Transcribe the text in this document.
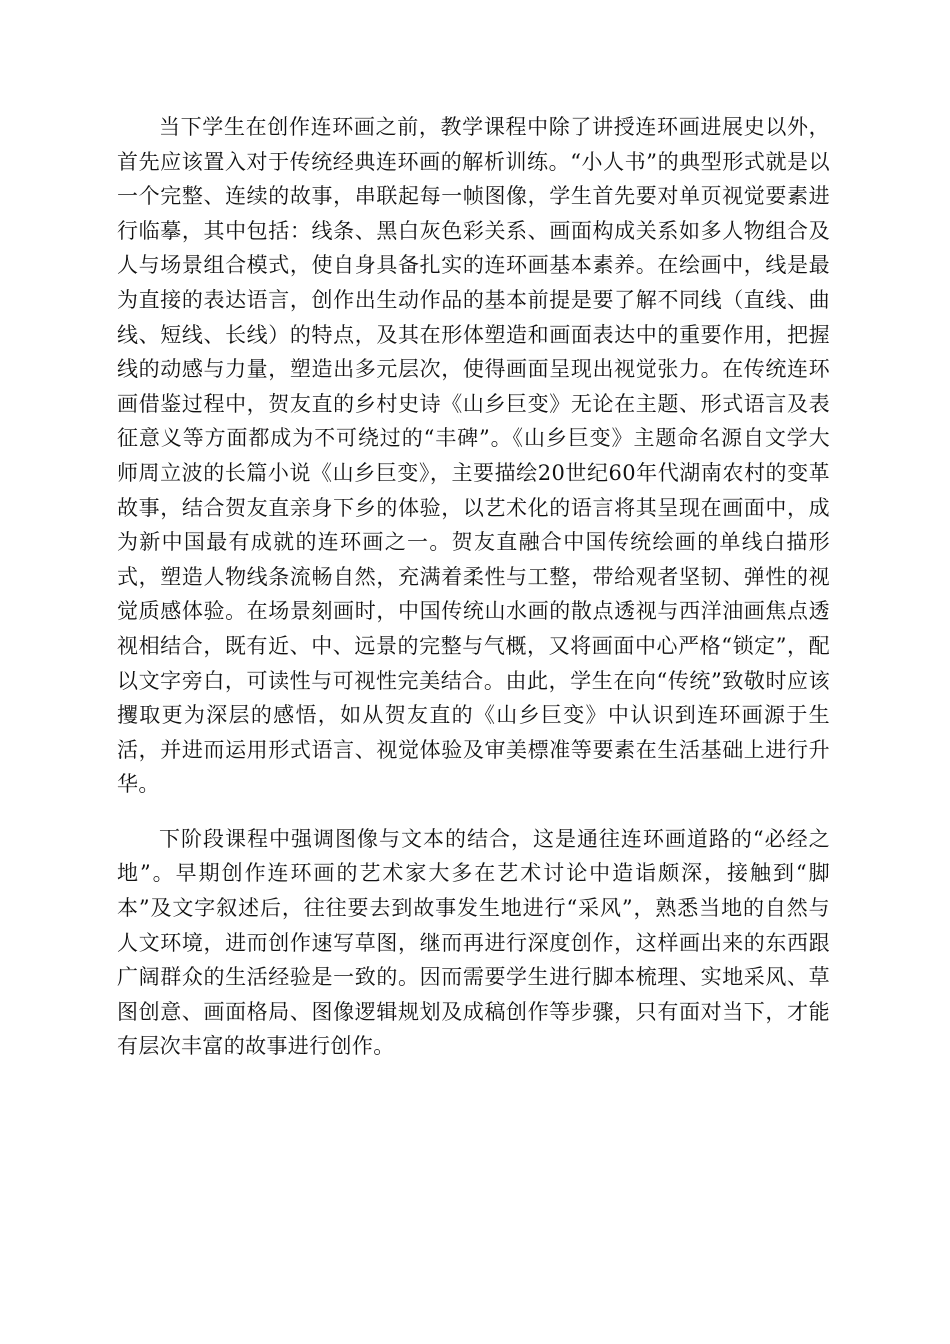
当下学生在创作连环画之前，教学课程中除了讲授连环画进展史以外，首先应该置入对于传统经典连环画的解析训练。“小人书”的典型形式就是以一个完整、连续的故事，串联起每一帧图像，学生首先要对单页视觉要素进行临摹，其中包括：线条、黑白灰色彩关系、画面构成关系如多人物组合及人与场景组合模式，使自身具备扎实的连环画基本素养。在绘画中，线是最为直接的表达语言，创作出生动作品的基本前提是要了解不同线（直线、曲线、短线、长线）的特点，及其在形体塑造和画面表达中的重要作用，把握线的动感与力量，塑造出多元层次，使得画面呈现出视觉张力。在传统连环画借鉴过程中，贺友直的乡村史诗《山乡巨变》无论在主题、形式语言及表征意义等方面都成为不可绕过的“丰碑”。《山乡巨变》主题命名源自文学大师周立波的长篇小说《山乡巨变》，主要描绘20世纪60年代湖南农村的变革故事，结合贺友直亲身下乡的体验，以艺术化的语言将其呈现在画面中，成为新中国最有成就的连环画之一。贺友直融合中国传统绘画的单线白描形式，塑造人物线条流畅自然，充满着柔性与工整，带给观者坚韧、弹性的视觉质感体验。在场景刻画时，中国传统山水画的散点透视与西洋油画焦点透视相结合，既有近、中、远景的完整与气概，又将画面中心严格“锁定”，配以文字旁白，可读性与可视性完美结合。由此，学生在向“传统”致敬时应该攫取更为深层的感悟，如从贺友直的《山乡巨变》中认识到连环画源于生活，并进而运用形式语言、视觉体验及审美標准等要素在生活基础上进行升华。

下阶段课程中强调图像与文本的结合，这是通往连环画道路的“必经之地”。早期创作连环画的艺术家大多在艺术讨论中造诣颇深，接触到“脚本”及文字叙述后，往往要去到故事发生地进行“采风”，熟悉当地的自然与人文环境，进而创作速写草图，继而再进行深度创作，这样画出来的东西跟广阔群众的生活经验是一致的。因而需要学生进行脚本梳理、实地采风、草图创意、画面格局、图像逻辑规划及成稿创作等步骤，只有面对当下，才能有层次丰富的故事进行创作。
